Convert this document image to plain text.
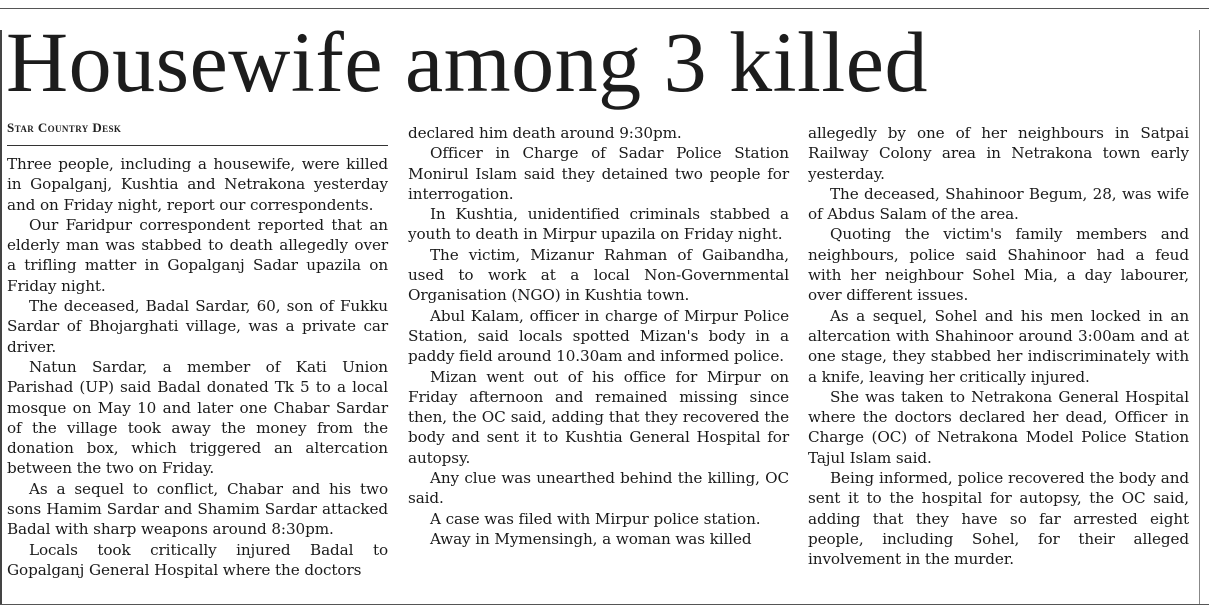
Housewife among 3 killed
Star Country Desk

Three people, including a housewife, were killed in Gopalganj, Kushtia and Netrakona yesterday and on Friday night, report our correspondents.

Our Faridpur correspondent reported that an elderly man was stabbed to death allegedly over a trifling matter in Gopalganj Sadar upazila on Friday night.

The deceased, Badal Sardar, 60, son of Fukku Sardar of Bhojarghati village, was a private car driver.

Natun Sardar, a member of Kati Union Parishad (UP) said Badal donated Tk 5 to a local mosque on May 10 and later one Chabar Sardar of the village took away the money from the donation box, which triggered an altercation between the two on Friday.

As a sequel to conflict, Chabar and his two sons Hamim Sardar and Shamim Sardar attacked Badal with sharp weapons around 8:30pm.

Locals took critically injured Badal to Gopalganj General Hospital where the doctors

declared him death around 9:30pm.

Officer in Charge of Sadar Police Station Monirul Islam said they detained two people for interrogation.

In Kushtia, unidentified criminals stabbed a youth to death in Mirpur upazila on Friday night.

The victim, Mizanur Rahman of Gaibandha, used to work at a local Non-Governmental Organisation (NGO) in Kushtia town.

Abul Kalam, officer in charge of Mirpur Police Station, said locals spotted Mizan's body in a paddy field around 10.30am and informed police.

Mizan went out of his office for Mirpur on Friday afternoon and remained missing since then, the OC said, adding that they recovered the body and sent it to Kushtia General Hospital for autopsy.

Any clue was unearthed behind the killing, OC said.

A case was filed with Mirpur police station.

Away in Mymensingh, a woman was killed

allegedly by one of her neighbours in Satpai Railway Colony area in Netrakona town early yesterday.

The deceased, Shahinoor Begum, 28, was wife of Abdus Salam of the area.

Quoting the victim's family members and neighbours, police said Shahinoor had a feud with her neighbour Sohel Mia, a day labourer, over different issues.

As a sequel, Sohel and his men locked in an altercation with Shahinoor around 3:00am and at one stage, they stabbed her indiscriminately with a knife, leaving her critically injured.

She was taken to Netrakona General Hospital where the doctors declared her dead, Officer in Charge (OC) of Netrakona Model Police Station Tajul Islam said.

Being informed, police recovered the body and sent it to the hospital for autopsy, the OC said, adding that they have so far arrested eight people, including Sohel, for their alleged involvement in the murder.
